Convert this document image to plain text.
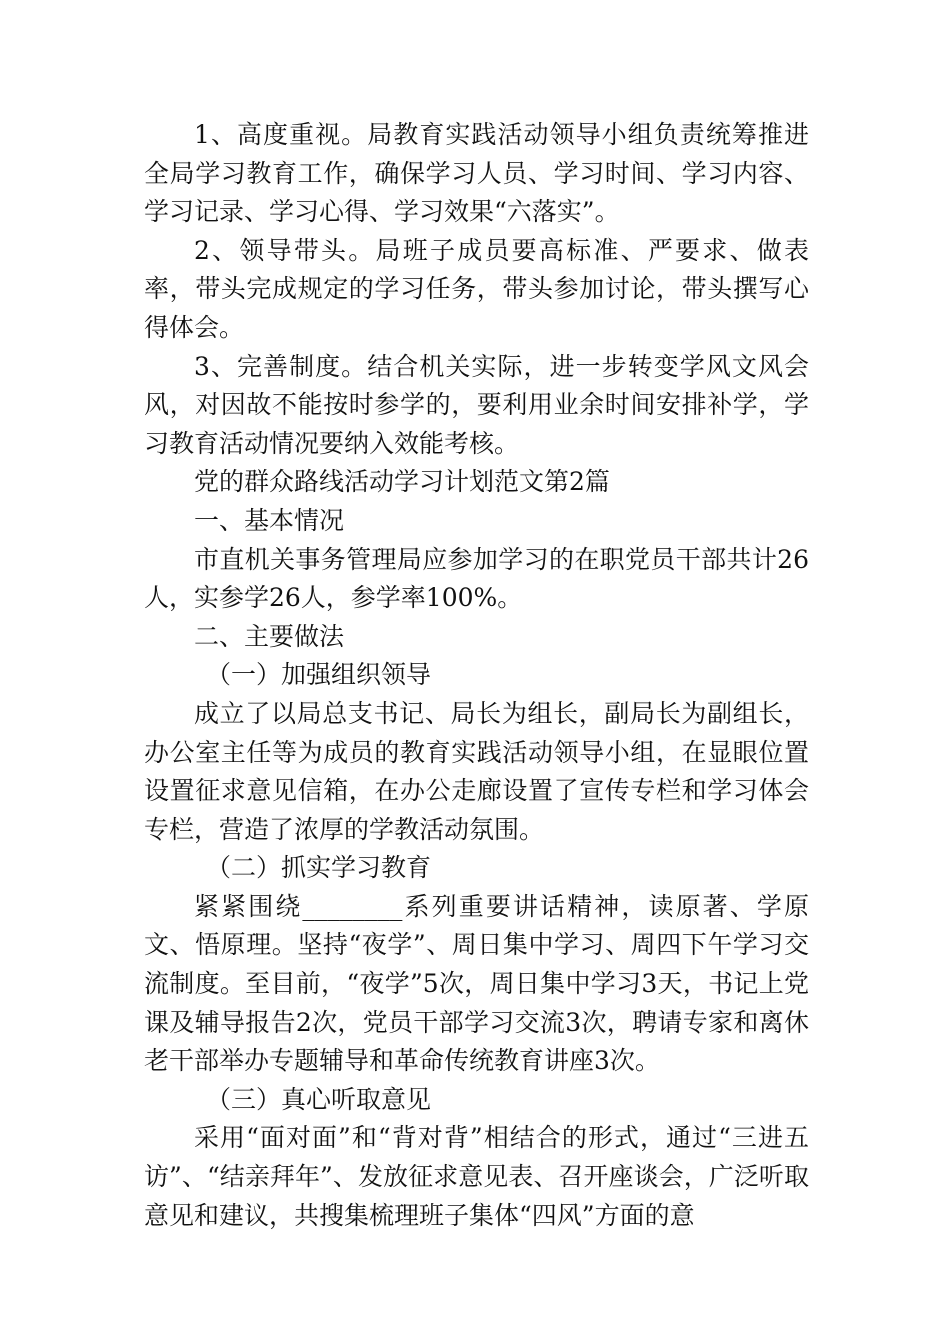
1、高度重视。局教育实践活动领导小组负责统筹推进全局学习教育工作，确保学习人员、学习时间、学习内容、学习记录、学习心得、学习效果“六落实”。

2、领导带头。局班子成员要高标准、严要求、做表率，带头完成规定的学习任务，带头参加讨论，带头撰写心得体会。

3、完善制度。结合机关实际，进一步转变学风文风会风，对因故不能按时参学的，要利用业余时间安排补学，学习教育活动情况要纳入效能考核。

党的群众路线活动学习计划范文第2篇

一、基本情况

市直机关事务管理局应参加学习的在职党员干部共计26人，实参学26人，参学率100%。

二、主要做法

（一）加强组织领导

成立了以局总支书记、局长为组长，副局长为副组长，办公室主任等为成员的教育实践活动领导小组，在显眼位置设置征求意见信箱，在办公走廊设置了宣传专栏和学习体会专栏，营造了浓厚的学教活动氛围。

（二）抓实学习教育

紧紧围绕________系列重要讲话精神，读原著、学原文、悟原理。坚持“夜学”、周日集中学习、周四下午学习交流制度。至目前，“夜学”5次，周日集中学习3天，书记上党课及辅导报告2次，党员干部学习交流3次，聘请专家和离休老干部举办专题辅导和革命传统教育讲座3次。

（三）真心听取意见

采用“面对面”和“背对背”相结合的形式，通过“三进五访”、“结亲拜年”、发放征求意见表、召开座谈会，广泛听取意见和建议，共搜集梳理班子集体“四风”方面的意
